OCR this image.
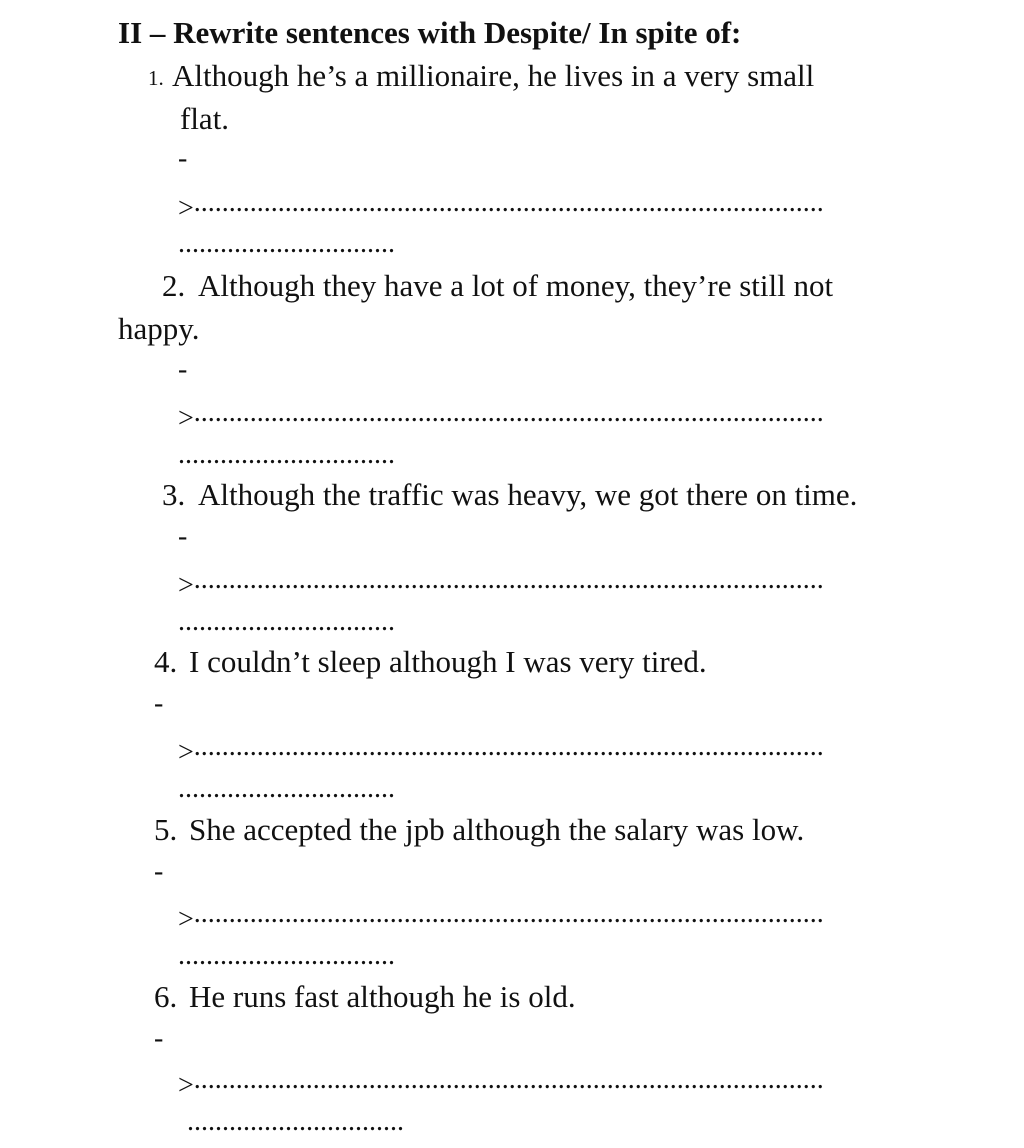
II – Rewrite sentences with Despite/ In spite of:
1. Although he’s a millionaire, he lives in a very small
flat.
-
>..........................................................................................
...............................
2. Although they have a lot of money, they’re still not
happy.
-
>..........................................................................................
...............................
3. Although the traffic was heavy, we got there on time.
-
>..........................................................................................
...............................
4. I couldn’t sleep although I was very tired.
-
>..........................................................................................
...............................
5. She accepted the jpb although the salary was low.
-
>..........................................................................................
...............................
6. He runs fast although he is old.
-
>..........................................................................................
...............................
